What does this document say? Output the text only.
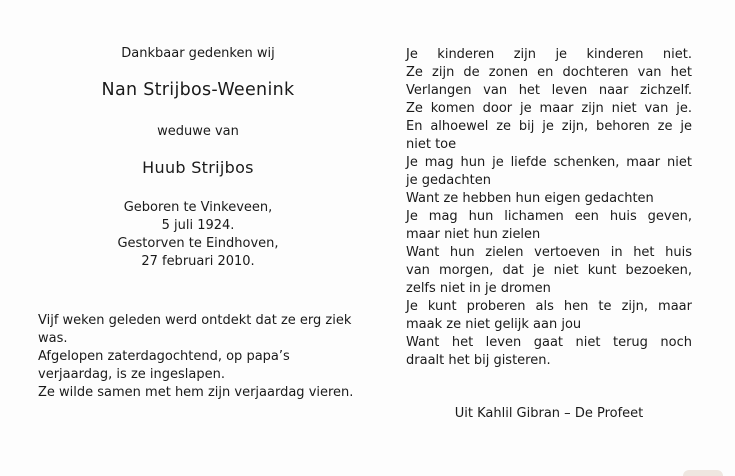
Dankbaar gedenken wij
Nan Strijbos-Weenink
weduwe van
Huub Strijbos
Geboren te Vinkeveen,
5 juli 1924.
Gestorven te Eindhoven,
27 februari 2010.

Vijf weken geleden werd ontdekt dat ze erg ziek was.

Afgelopen zaterdagochtend, op papa’s verjaardag, is ze ingeslapen.

Ze wilde samen met hem zijn verjaardag vieren.

Je kinderen zijn je kinderen niet.
Ze zijn de zonen en dochteren van het
Verlangen van het leven naar zichzelf.
Ze komen door je maar zijn niet van je.
En alhoewel ze bij je zijn, behoren ze je
niet toe
Je mag hun je liefde schenken, maar niet
je gedachten
Want ze hebben hun eigen gedachten
Je mag hun lichamen een huis geven,
maar niet hun zielen
Want hun zielen vertoeven in het huis
van morgen, dat je niet kunt bezoeken,
zelfs niet in je dromen
Je kunt proberen als hen te zijn, maar
maak ze niet gelijk aan jou
Want het leven gaat niet terug noch
draalt het bij gisteren.
Uit Kahlil Gibran – De Profeet
